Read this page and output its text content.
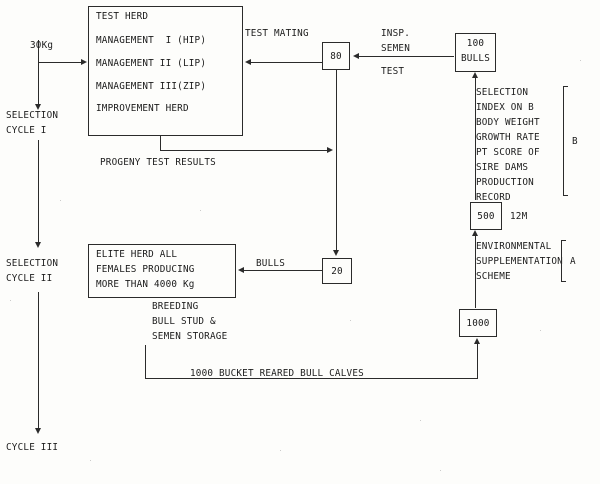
TEST HERD
MANAGEMENT  I (HIP)
MANAGEMENT II (LIP)
MANAGEMENT III(ZIP)
IMPROVEMENT HERD
80
100
BULLS
500
20
ELITE HERD ALL
FEMALES PRODUCING
MORE THAN 4000 Kg
1000
30Kg
SELECTION
CYCLE I
SELECTION
CYCLE II
CYCLE III
TEST MATING	INSP.
SEMEN
TEST
PROGENY TEST RESULTS
BULLS
SELECTION
INDEX ON B
BODY WEIGHT
GROWTH RATE
PT SCORE OF
SIRE DAMS
PRODUCTION
RECORD
B
12M
ENVIRONMENTAL
SUPPLEMENTATION
SCHEME
A
BREEDING
BULL STUD &
SEMEN STORAGE
1000 BUCKET REARED BULL CALVES
